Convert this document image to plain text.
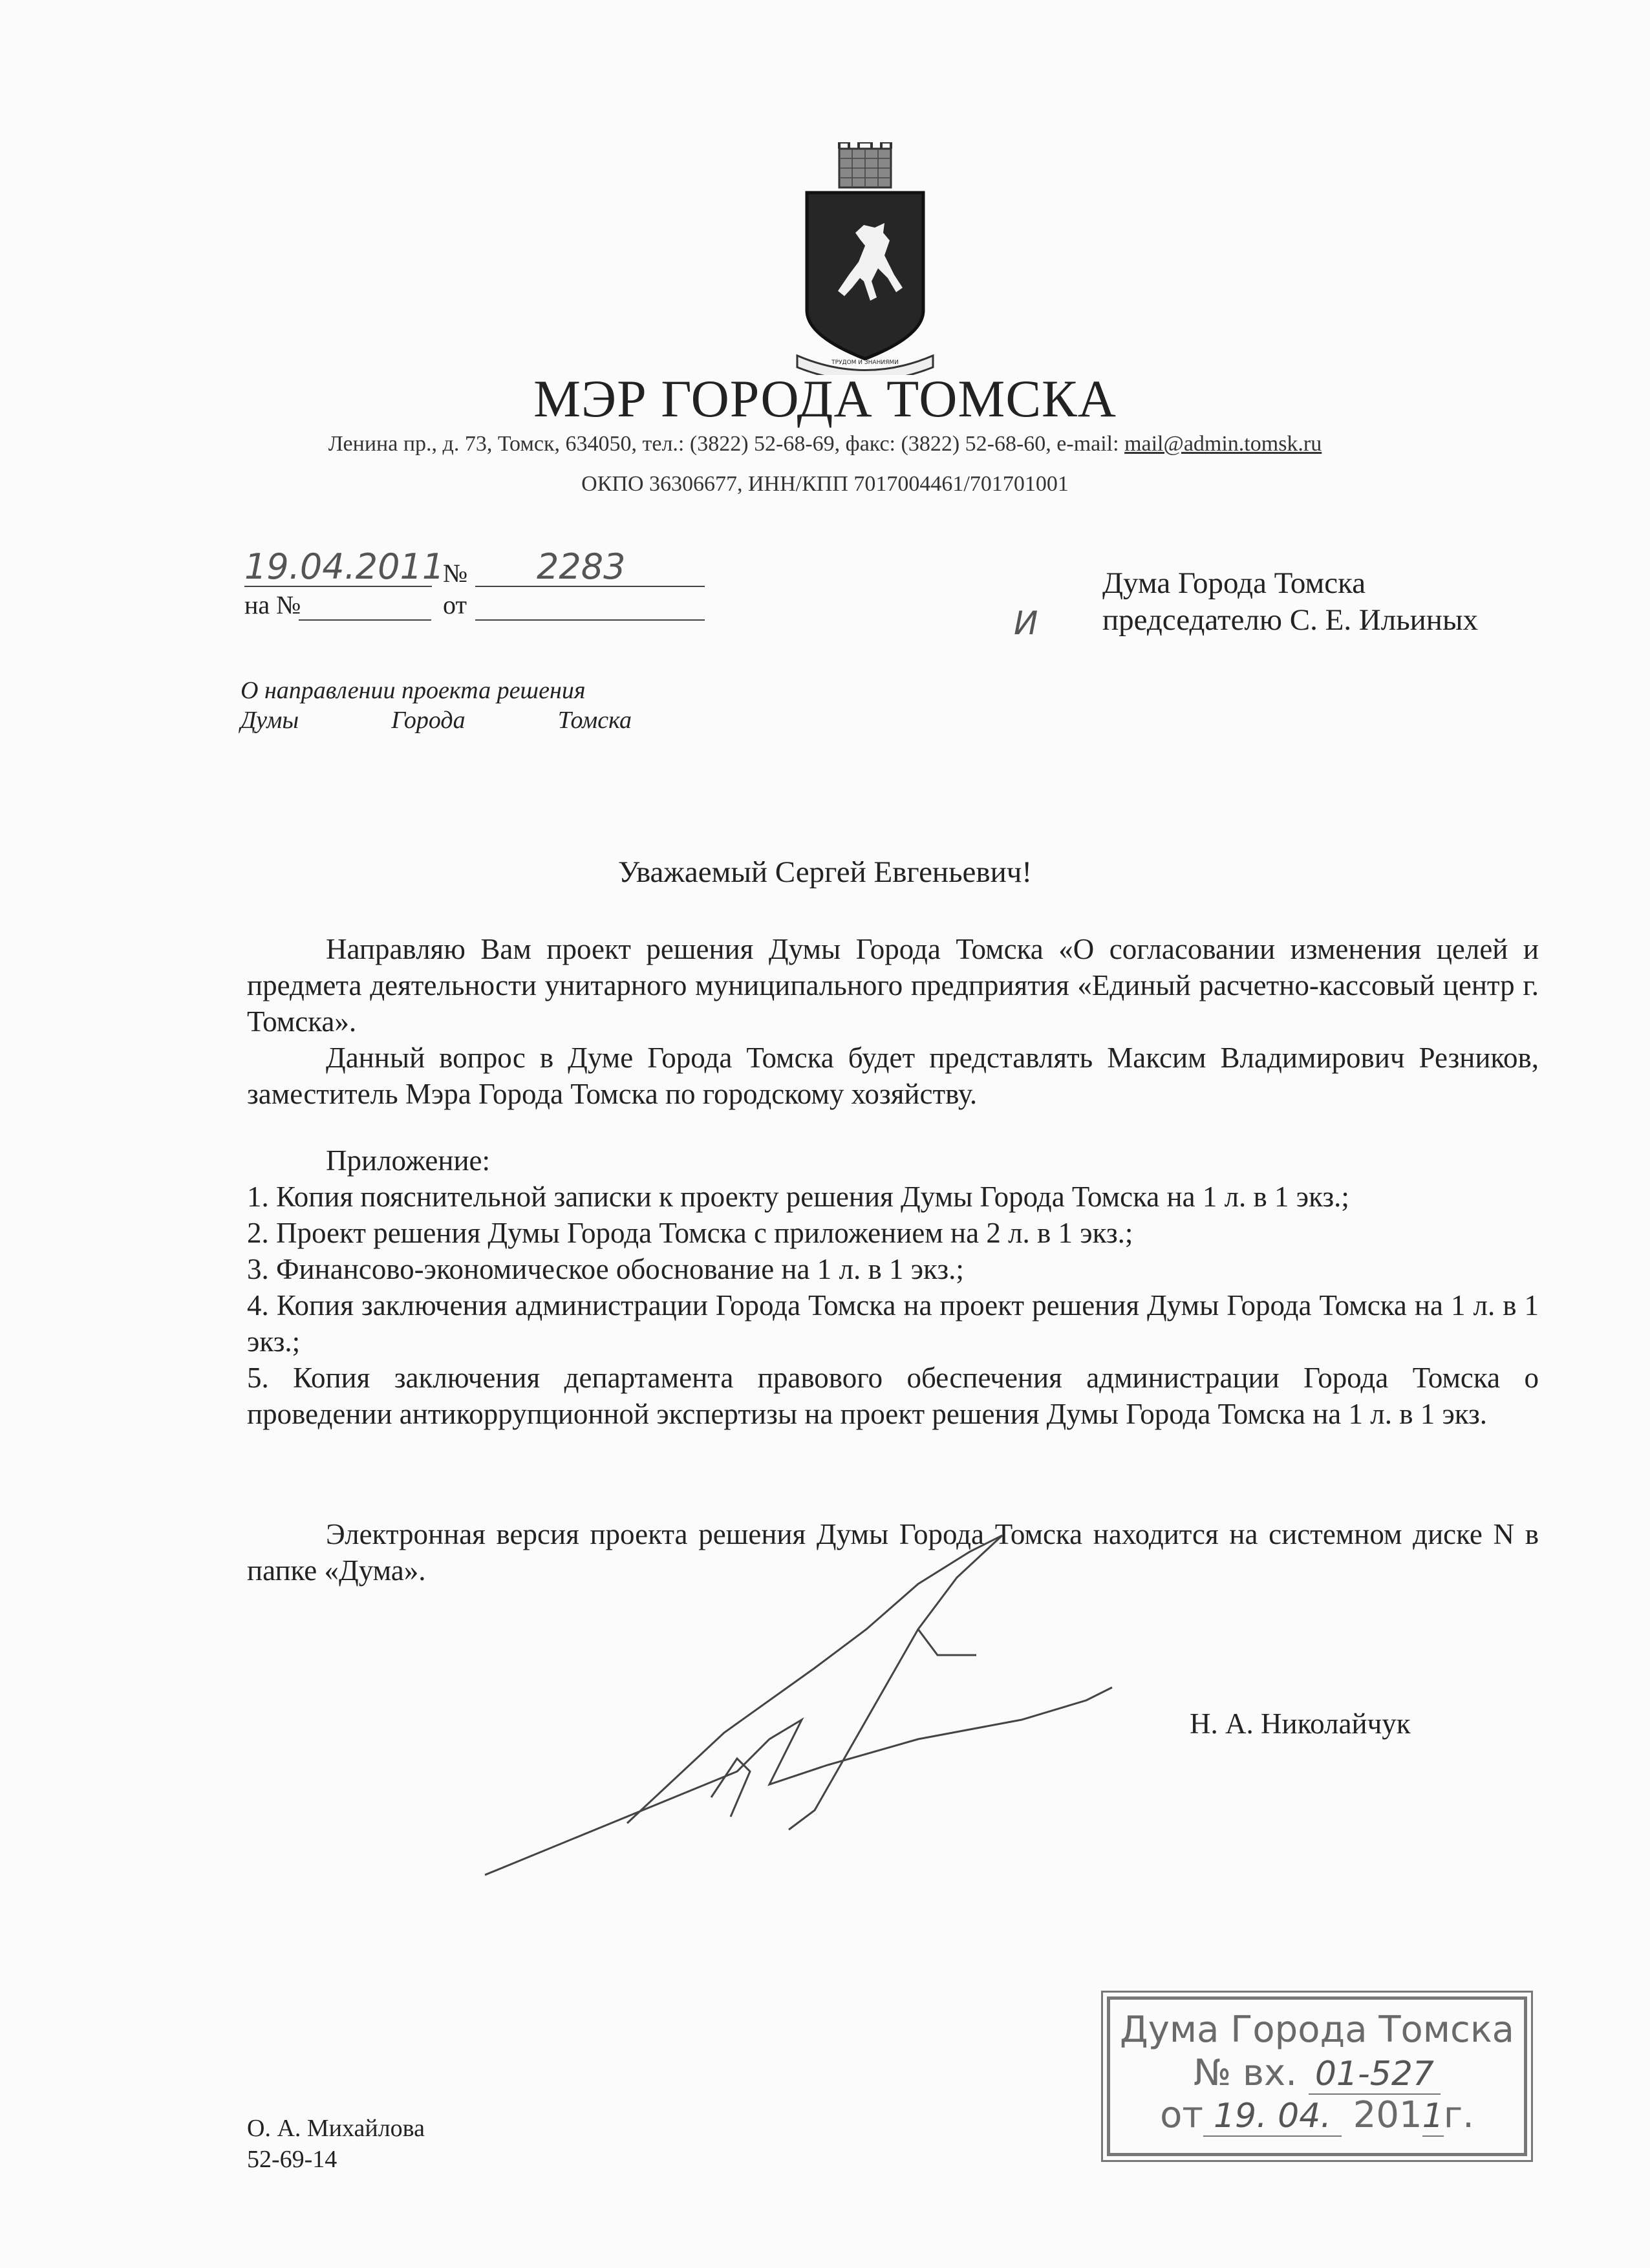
ТРУДОМ И ЗНАНИЯМИ
МЭР ГОРОДА ТОМСКА
Ленина пр., д. 73, Томск, 634050, тел.: (3822) 52-68-69, факс: (3822) 52-68-60, e-mail: mail@admin.tomsk.ru
ОКПО 36306677, ИНН/КПП 7017004461/701701001
19.04.2011
№ 2283
на №	от	И
Дума Города Томска
председателю С. Е. Ильиных
О направлении проекта решения
Думы	Города	Томска
Уважаемый Сергей Евгеньевич!

Направляю Вам проект решения Думы Города Томска «О согласовании изменения целей и предмета деятельности унитарного муниципального предприятия «Единый расчетно-кассовый центр г. Томска».

Данный вопрос в Думе Города Томска будет представлять Максим Владимирович Резников, заместитель Мэра Города Томска по городскому хозяйству.

Приложение:

1. Копия пояснительной записки к проекту решения Думы Города Томска на 1 л. в 1 экз.;

2. Проект решения Думы Города Томска с приложением на 2 л. в 1 экз.;

3. Финансово-экономическое обоснование на 1 л. в 1 экз.;

4. Копия заключения администрации Города Томска на проект решения Думы Города Томска на 1 л. в 1 экз.;

5. Копия заключения департамента правового обеспечения администрации Города Томска о проведении антикоррупционной экспертизы на проект решения Думы Города Томска на 1 л. в 1 экз.

Электронная версия проекта решения Думы Города Томска находится на системном диске N в папке «Дума».

Н. А. Николайчук
Дума Города Томска
№ вх. 01-527
от 19. 04. 2011г.
О. А. Михайлова
52-69-14
